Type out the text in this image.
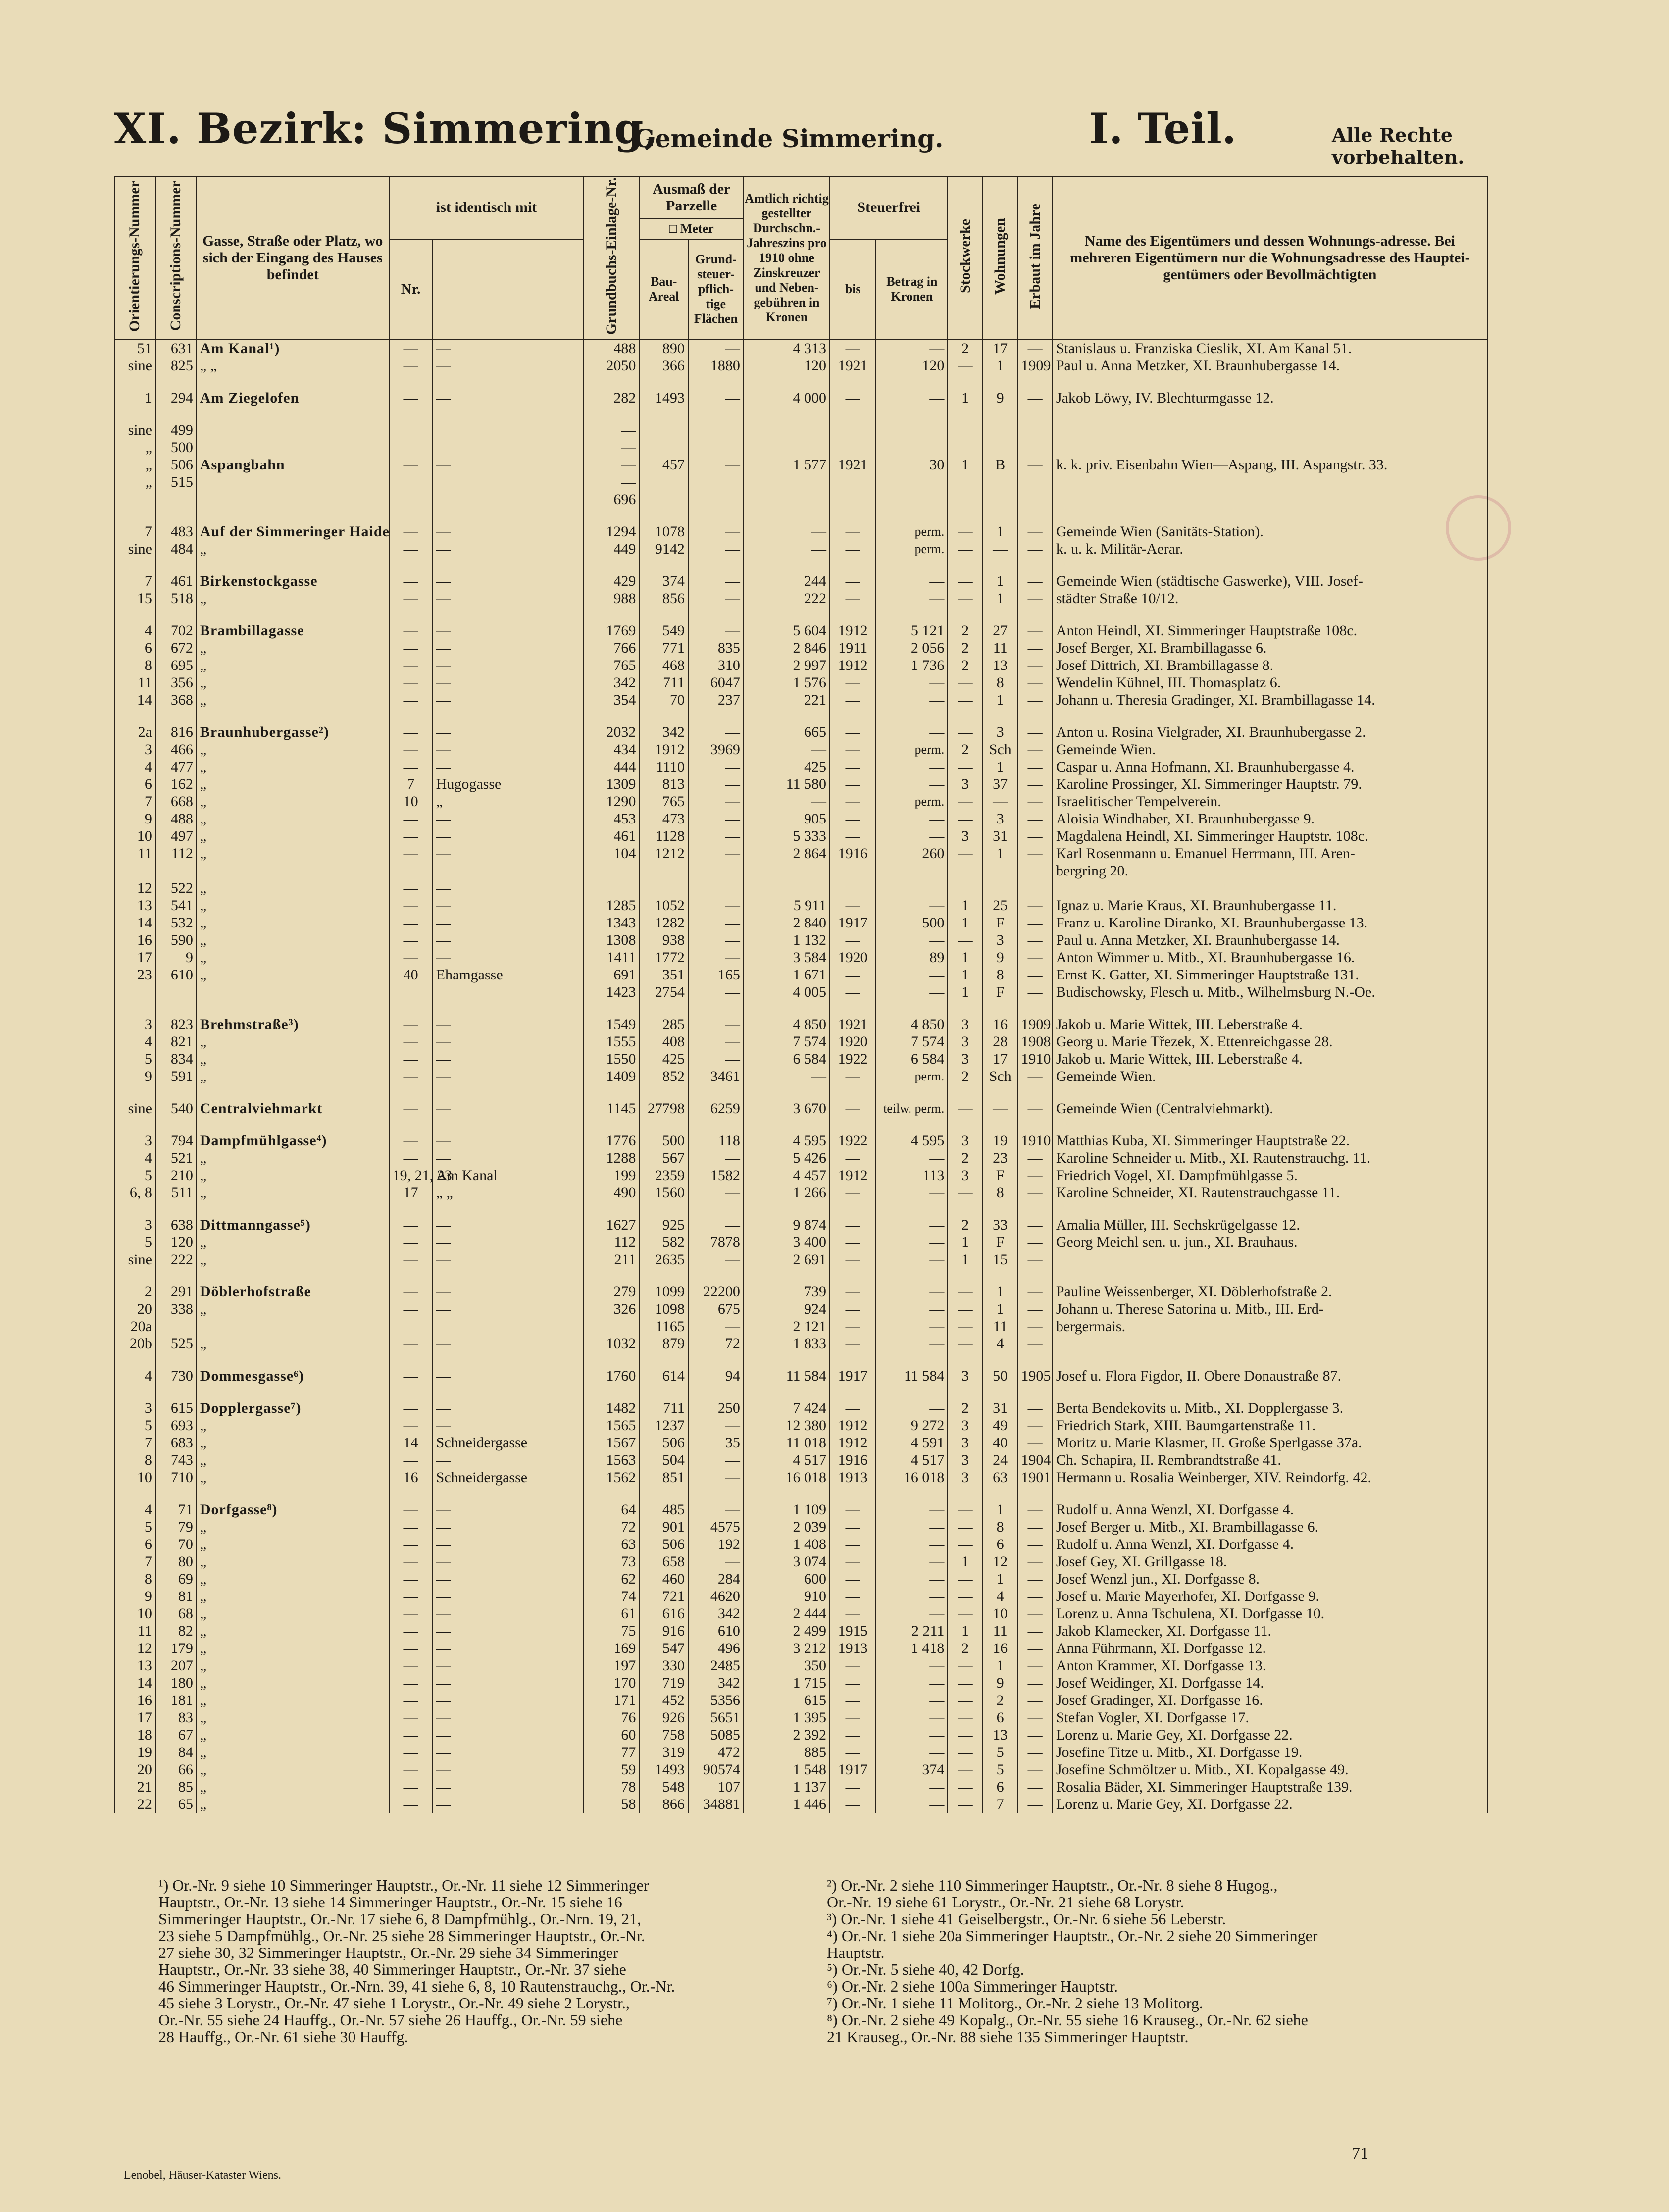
XI. Bezirk: Simmering,
Gemeinde Simmering.	I. Teil.	Alle Rechte vorbehalten.
Orientierungs-Nummer	Conscriptions-Nummer	Gasse, Straße oder Platz, wo sich der Eingang des Hauses befindet	ist identisch mit		Grundbuchs-Einlage-Nr.	Ausmaß der Parzelle		Amtlich richtig gestellter Durchschn.-Jahreszins pro 1910 ohne Zinskreuzer und Neben-gebühren in Kronen	Steuerfrei		Stockwerke	Wohnungen	Erbaut im Jahre	Name des Eigentümers und dessen Wohnungs-adresse. Bei mehreren Eigentümern nur die Wohnungsadresse des Haupteigentümers oder Bevollmächtigten
						□ Meter								
			Nr.			Bau-Areal	Grund-steuer-pflich-tige Flächen		bis	Betrag in Kronen				
51	631	Am Kanal¹)	—	—	488	890	—	4 313	—	—	2	17	—	Stanislaus u. Franziska Cieslik, XI. Am Kanal 51.
sine	825	„ „	—	—	2050	366	1880	120	1921	120	—	1	1909	Paul u. Anna Metzker, XI. Braunhubergasse 14.

1	294	Am Ziegelofen	—	—	282	1493	—	4 000	—	—	1	9	—	Jakob Löwy, IV. Blechturmgasse 12.

sine	499				—									
„	500				—									
„	506	Aspangbahn	—	—	—	457	—	1 577	1921	30	1	B	—	k. k. priv. Eisenbahn Wien—Aspang, III. Aspangstr. 33.
„	515				—									
					696									

7	483	Auf der Simmeringer Haide	—	—	1294	1078	—	—	—	perm.	—	1	—	Gemeinde Wien (Sanitäts-Station).
sine	484	„	—	—	449	9142	—	—	—	perm.	—	—	—	k. u. k. Militär-Aerar.

7	461	Birkenstockgasse	—	—	429	374	—	244	—	—	—	1	—	Gemeinde Wien (städtische Gaswerke), VIII. Josef-
15	518	„	—	—	988	856	—	222	—	—	—	1	—	städter Straße 10/12.

4	702	Brambillagasse	—	—	1769	549	—	5 604	1912	5 121	2	27	—	Anton Heindl, XI. Simmeringer Hauptstraße 108c.
6	672	„	—	—	766	771	835	2 846	1911	2 056	2	11	—	Josef Berger, XI. Brambillagasse 6.
8	695	„	—	—	765	468	310	2 997	1912	1 736	2	13	—	Josef Dittrich, XI. Brambillagasse 8.
11	356	„	—	—	342	711	6047	1 576	—	—	—	8	—	Wendelin Kühnel, III. Thomasplatz 6.
14	368	„	—	—	354	70	237	221	—	—	—	1	—	Johann u. Theresia Gradinger, XI. Brambillagasse 14.

2a	816	Braunhubergasse²)	—	—	2032	342	—	665	—	—	—	3	—	Anton u. Rosina Vielgrader, XI. Braunhubergasse 2.
3	466	„	—	—	434	1912	3969	—	—	perm.	2	Sch	—	Gemeinde Wien.
4	477	„	—	—	444	1110	—	425	—	—	—	1	—	Caspar u. Anna Hofmann, XI. Braunhubergasse 4.
6	162	„	7	Hugogasse	1309	813	—	11 580	—	—	3	37	—	Karoline Prossinger, XI. Simmeringer Hauptstr. 79.
7	668	„	10	„	1290	765	—	—	—	perm.	—	—	—	Israelitischer Tempelverein.
9	488	„	—	—	453	473	—	905	—	—	—	3	—	Aloisia Windhaber, XI. Braunhubergasse 9.
10	497	„	—	—	461	1128	—	5 333	—	—	3	31	—	Magdalena Heindl, XI. Simmeringer Hauptstr. 108c.
11	112	„	—	—	104	1212	—	2 864	1916	260	—	1	—	Karl Rosenmann u. Emanuel Herrmann, III. Aren-
														bergring 20.
12	522	„	—	—										
13	541	„	—	—	1285	1052	—	5 911	—	—	1	25	—	Ignaz u. Marie Kraus, XI. Braunhubergasse 11.
14	532	„	—	—	1343	1282	—	2 840	1917	500	1	F	—	Franz u. Karoline Diranko, XI. Braunhubergasse 13.
16	590	„	—	—	1308	938	—	1 132	—	—	—	3	—	Paul u. Anna Metzker, XI. Braunhubergasse 14.
17	9	„	—	—	1411	1772	—	3 584	1920	89	1	9	—	Anton Wimmer u. Mitb., XI. Braunhubergasse 16.
23	610	„	40	Ehamgasse	691	351	165	1 671	—	—	1	8	—	Ernst K. Gatter, XI. Simmeringer Hauptstraße 131.
					1423	2754	—	4 005	—	—	1	F	—	Budischowsky, Flesch u. Mitb., Wilhelmsburg N.-Oe.

3	823	Brehmstraße³)	—	—	1549	285	—	4 850	1921	4 850	3	16	1909	Jakob u. Marie Wittek, III. Leberstraße 4.
4	821	„	—	—	1555	408	—	7 574	1920	7 574	3	28	1908	Georg u. Marie Třezek, X. Ettenreichgasse 28.
5	834	„	—	—	1550	425	—	6 584	1922	6 584	3	17	1910	Jakob u. Marie Wittek, III. Leberstraße 4.
9	591	„	—	—	1409	852	3461	—	—	perm.	2	Sch	—	Gemeinde Wien.

sine	540	Centralviehmarkt	—	—	1145	27798	6259	3 670	—	teilw. perm.	—	—	—	Gemeinde Wien (Centralviehmarkt).

3	794	Dampfmühlgasse⁴)	—	—	1776	500	118	4 595	1922	4 595	3	19	1910	Matthias Kuba, XI. Simmeringer Hauptstraße 22.
4	521	„	—	—	1288	567	—	5 426	—	—	2	23	—	Karoline Schneider u. Mitb., XI. Rautenstrauchg. 11.
5	210	„	19, 21, 23	Am Kanal	199	2359	1582	4 457	1912	113	3	F	—	Friedrich Vogel, XI. Dampfmühlgasse 5.
6, 8	511	„	17	„ „	490	1560	—	1 266	—	—	—	8	—	Karoline Schneider, XI. Rautenstrauchgasse 11.

3	638	Dittmanngasse⁵)	—	—	1627	925	—	9 874	—	—	2	33	—	Amalia Müller, III. Sechskrügelgasse 12.
5	120	„	—	—	112	582	7878	3 400	—	—	1	F	—	Georg Meichl sen. u. jun., XI. Brauhaus.
sine	222	„	—	—	211	2635	—	2 691	—	—	1	15	—	

2	291	Döblerhofstraße	—	—	279	1099	22200	739	—	—	—	1	—	Pauline Weissenberger, XI. Döblerhofstraße 2.
20	338	„	—	—	326	1098	675	924	—	—	—	1	—	Johann u. Therese Satorina u. Mitb., III. Erd-
20a						1165	—	2 121	—	—	—	11	—	bergermais.
20b	525	„	—	—	1032	879	72	1 833	—	—	—	4	—	

4	730	Dommesgasse⁶)	—	—	1760	614	94	11 584	1917	11 584	3	50	1905	Josef u. Flora Figdor, II. Obere Donaustraße 87.

3	615	Dopplergasse⁷)	—	—	1482	711	250	7 424	—	—	2	31	—	Berta Bendekovits u. Mitb., XI. Dopplergasse 3.
5	693	„	—	—	1565	1237	—	12 380	1912	9 272	3	49	—	Friedrich Stark, XIII. Baumgartenstraße 11.
7	683	„	14	Schneidergasse	1567	506	35	11 018	1912	4 591	3	40	—	Moritz u. Marie Klasmer, II. Große Sperlgasse 37a.
8	743	„	—	—	1563	504	—	4 517	1916	4 517	3	24	1904	Ch. Schapira, II. Rembrandtstraße 41.
10	710	„	16	Schneidergasse	1562	851	—	16 018	1913	16 018	3	63	1901	Hermann u. Rosalia Weinberger, XIV. Reindorfg. 42.

4	71	Dorfgasse⁸)	—	—	64	485	—	1 109	—	—	—	1	—	Rudolf u. Anna Wenzl, XI. Dorfgasse 4.
5	79	„	—	—	72	901	4575	2 039	—	—	—	8	—	Josef Berger u. Mitb., XI. Brambillagasse 6.
6	70	„	—	—	63	506	192	1 408	—	—	—	6	—	Rudolf u. Anna Wenzl, XI. Dorfgasse 4.
7	80	„	—	—	73	658	—	3 074	—	—	1	12	—	Josef Gey, XI. Grillgasse 18.
8	69	„	—	—	62	460	284	600	—	—	—	1	—	Josef Wenzl jun., XI. Dorfgasse 8.
9	81	„	—	—	74	721	4620	910	—	—	—	4	—	Josef u. Marie Mayerhofer, XI. Dorfgasse 9.
10	68	„	—	—	61	616	342	2 444	—	—	—	10	—	Lorenz u. Anna Tschulena, XI. Dorfgasse 10.
11	82	„	—	—	75	916	610	2 499	1915	2 211	1	11	—	Jakob Klamecker, XI. Dorfgasse 11.
12	179	„	—	—	169	547	496	3 212	1913	1 418	2	16	—	Anna Führmann, XI. Dorfgasse 12.
13	207	„	—	—	197	330	2485	350	—	—	—	1	—	Anton Krammer, XI. Dorfgasse 13.
14	180	„	—	—	170	719	342	1 715	—	—	—	9	—	Josef Weidinger, XI. Dorfgasse 14.
16	181	„	—	—	171	452	5356	615	—	—	—	2	—	Josef Gradinger, XI. Dorfgasse 16.
17	83	„	—	—	76	926	5651	1 395	—	—	—	6	—	Stefan Vogler, XI. Dorfgasse 17.
18	67	„	—	—	60	758	5085	2 392	—	—	—	13	—	Lorenz u. Marie Gey, XI. Dorfgasse 22.
19	84	„	—	—	77	319	472	885	—	—	—	5	—	Josefine Titze u. Mitb., XI. Dorfgasse 19.
20	66	„	—	—	59	1493	90574	1 548	1917	374	—	5	—	Josefine Schmöltzer u. Mitb., XI. Kopalgasse 49.
21	85	„	—	—	78	548	107	1 137	—	—	—	6	—	Rosalia Bäder, XI. Simmeringer Hauptstraße 139.
22	65	„	—	—	58	866	34881	1 446	—	—	—	7	—	Lorenz u. Marie Gey, XI. Dorfgasse 22.

¹) Or.-Nr. 9 siehe 10 Simmeringer Hauptstr., Or.-Nr. 11 siehe 12 Simmeringer

Hauptstr., Or.-Nr. 13 siehe 14 Simmeringer Hauptstr., Or.-Nr. 15 siehe 16

Simmeringer Hauptstr., Or.-Nr. 17 siehe 6, 8 Dampfmühlg., Or.-Nrn. 19, 21,

23 siehe 5 Dampfmühlg., Or.-Nr. 25 siehe 28 Simmeringer Hauptstr., Or.-Nr.

27 siehe 30, 32 Simmeringer Hauptstr., Or.-Nr. 29 siehe 34 Simmeringer

Hauptstr., Or.-Nr. 33 siehe 38, 40 Simmeringer Hauptstr., Or.-Nr. 37 siehe

46 Simmeringer Hauptstr., Or.-Nrn. 39, 41 siehe 6, 8, 10 Rautenstrauchg., Or.-Nr.

45 siehe 3 Lorystr., Or.-Nr. 47 siehe 1 Lorystr., Or.-Nr. 49 siehe 2 Lorystr.,

Or.-Nr. 55 siehe 24 Hauffg., Or.-Nr. 57 siehe 26 Hauffg., Or.-Nr. 59 siehe

28 Hauffg., Or.-Nr. 61 siehe 30 Hauffg.

²) Or.-Nr. 2 siehe 110 Simmeringer Hauptstr., Or.-Nr. 8 siehe 8 Hugog.,

Or.-Nr. 19 siehe 61 Lorystr., Or.-Nr. 21 siehe 68 Lorystr.

³) Or.-Nr. 1 siehe 41 Geiselbergstr., Or.-Nr. 6 siehe 56 Leberstr.

⁴) Or.-Nr. 1 siehe 20a Simmeringer Hauptstr., Or.-Nr. 2 siehe 20 Simmeringer

Hauptstr.

⁵) Or.-Nr. 5 siehe 40, 42 Dorfg.

⁶) Or.-Nr. 2 siehe 100a Simmeringer Hauptstr.

⁷) Or.-Nr. 1 siehe 11 Molitorg., Or.-Nr. 2 siehe 13 Molitorg.

⁸) Or.-Nr. 2 siehe 49 Kopalg., Or.-Nr. 55 siehe 16 Krauseg., Or.-Nr. 62 siehe

21 Krauseg., Or.-Nr. 88 siehe 135 Simmeringer Hauptstr.

Lenobel, Häuser-Kataster Wiens.
71
